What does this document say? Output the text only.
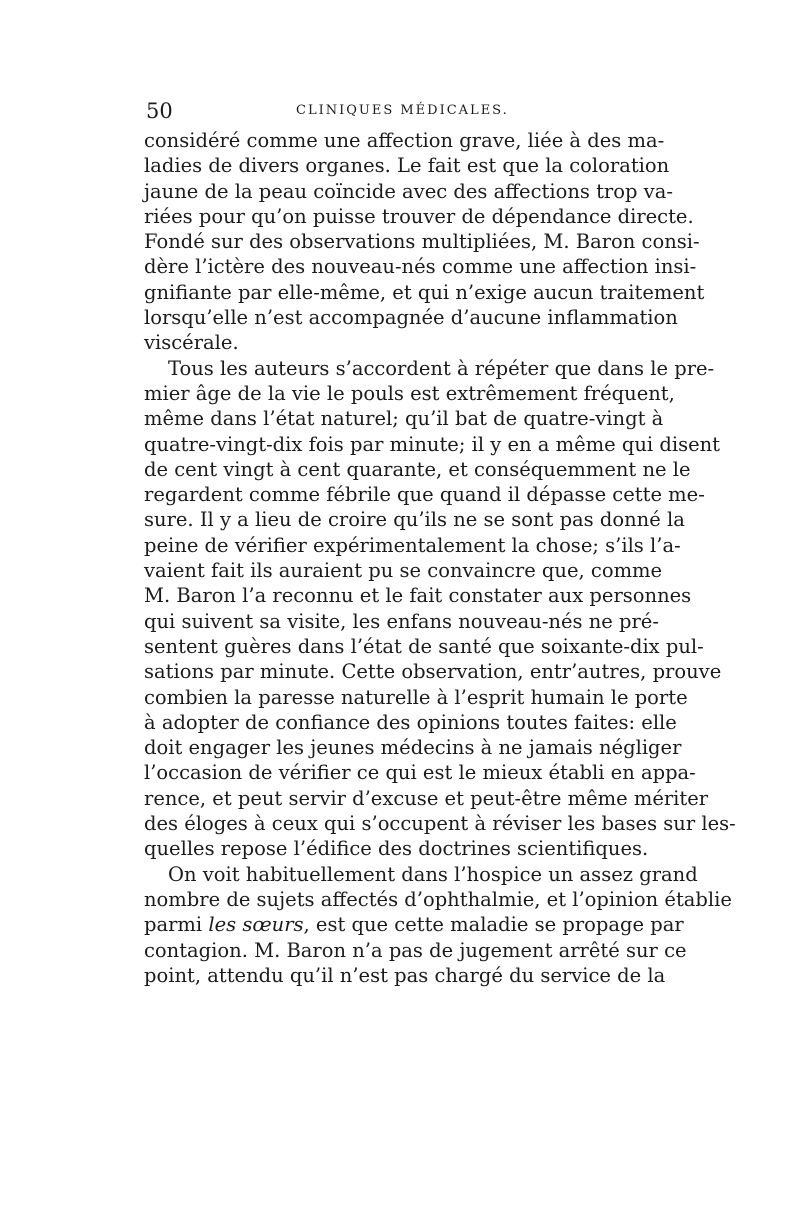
50	CLINIQUES MÉDICALES.
considéré comme une affection grave, liée à des ma-
ladies de divers organes. Le fait est que la coloration
jaune de la peau coïncide avec des affections trop va-
riées pour qu’on puisse trouver de dépendance directe.
Fondé sur des observations multipliées, M. Baron consi-
dère l’ictère des nouveau-nés comme une affection insi-
gnifiante par elle-même, et qui n’exige aucun traitement
lorsqu’elle n’est accompagnée d’aucune inflammation
viscérale.
Tous les auteurs s’accordent à répéter que dans le pre-
mier âge de la vie le pouls est extrêmement fréquent,
même dans l’état naturel; qu’il bat de quatre-vingt à
quatre-vingt-dix fois par minute; il y en a même qui disent
de cent vingt à cent quarante, et conséquemment ne le
regardent comme fébrile que quand il dépasse cette me-
sure. Il y a lieu de croire qu’ils ne se sont pas donné la
peine de vérifier expérimentalement la chose; s’ils l’a-
vaient fait ils auraient pu se convaincre que, comme
M. Baron l’a reconnu et le fait constater aux personnes
qui suivent sa visite, les enfans nouveau-nés ne pré-
sentent guères dans l’état de santé que soixante-dix pul-
sations par minute. Cette observation, entr’autres, prouve
combien la paresse naturelle à l’esprit humain le porte
à adopter de confiance des opinions toutes faites: elle
doit engager les jeunes médecins à ne jamais négliger
l’occasion de vérifier ce qui est le mieux établi en appa-
rence, et peut servir d’excuse et peut-être même mériter
des éloges à ceux qui s’occupent à réviser les bases sur les-
quelles repose l’édifice des doctrines scientifiques.
On voit habituellement dans l’hospice un assez grand
nombre de sujets affectés d’ophthalmie, et l’opinion établie
parmi les sœurs, est que cette maladie se propage par
contagion. M. Baron n’a pas de jugement arrêté sur ce
point, attendu qu’il n’est pas chargé du service de la
